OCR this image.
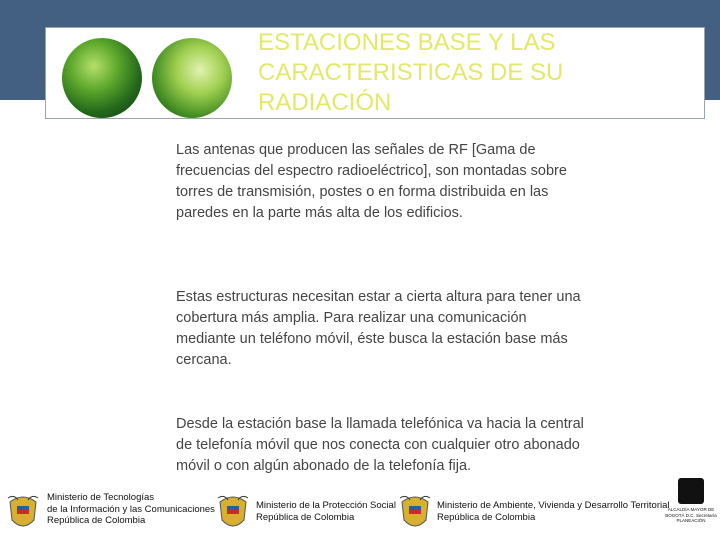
ESTACIONES BASE Y LAS CARACTERISTICAS DE SU RADIACIÓN

Las antenas que producen las señales de RF [Gama de frecuencias del espectro radioeléctrico], son montadas sobre torres de transmisión, postes o en forma distribuida en las paredes en la parte más alta de los edificios.

Estas estructuras necesitan estar a cierta altura para tener una cobertura más amplia. Para realizar una comunicación mediante un teléfono móvil, éste busca la estación base más cercana.

Desde la estación base la llamada telefónica va hacia la central de telefonía móvil que nos conecta con cualquier otro abonado móvil o con algún abonado de la telefonía fija.

Ministerio de Tecnologías
de la Información y las Comunicaciones
República de Colombia
Ministerio de la Protección Social
República de Colombia
Ministerio de Ambiente, Vivienda y Desarrollo Territorial
República de Colombia
ALCALDÍA MAYOR DE BOGOTÁ D.C. Secretaría PLANEACIÓN
